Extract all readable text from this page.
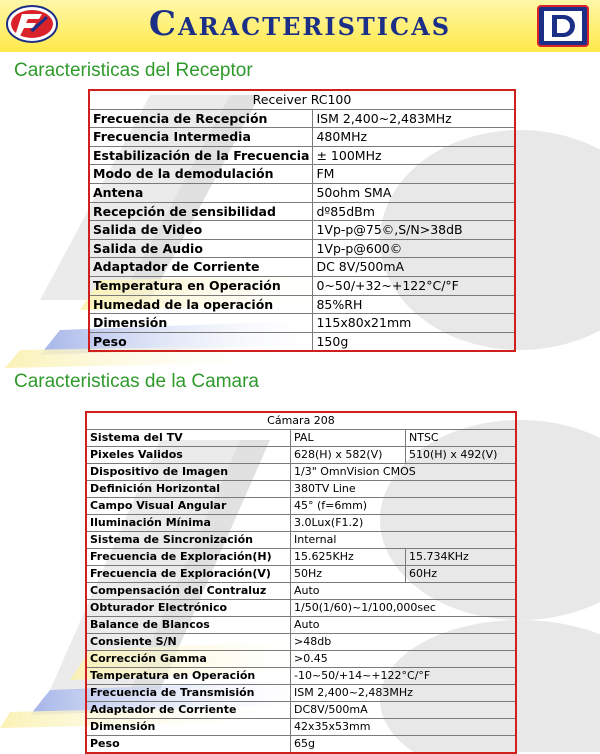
Caracteristicas
Caracteristicas del Receptor
Receiver RC100	
Frecuencia de Recepción	ISM 2,400~2,483MHz
Frecuencia Intermedia	480MHz
Estabilización de la Frecuencia	± 100MHz
Modo de la demodulación	FM
Antena	50ohm SMA
Recepción de sensibilidad	dº85dBm
Salida de Video	1Vp-p@75©,S/N>38dB
Salida de Audio	1Vp-p@600©
Adaptador de Corriente	DC 8V/500mA
Temperatura en Operación	0~50/+32~+122°C/°F
Humedad de la operación	85%RH
Dimensión	115x80x21mm
Peso	150g
Caracteristicas de la Camara
Cámara 208		
Sistema del TV	PAL	NTSC
Pixeles Validos	628(H) x 582(V)	510(H) x 492(V)
Dispositivo de Imagen	1/3" OmnVision CMOS	
Definición Horizontal	380TV Line	
Campo Visual Angular	45° (f=6mm)	
Iluminación Mínima	3.0Lux(F1.2)	
Sistema de Sincronización	Internal	
Frecuencia de Exploración(H)	15.625KHz	15.734KHz
Frecuencia de Exploración(V)	50Hz	60Hz
Compensación del Contraluz	Auto	
Obturador Electrónico	1/50(1/60)~1/100,000sec	
Balance de Blancos	Auto	
Consiente S/N	>48db	
Corrección Gamma	>0.45	
Temperatura en Operación	-10~50/+14~+122°C/°F	
Frecuencia de Transmisión	ISM 2,400~2,483MHz	
Adaptador de Corriente	DC8V/500mA	
Dimensión	42x35x53mm	
Peso	65g	
